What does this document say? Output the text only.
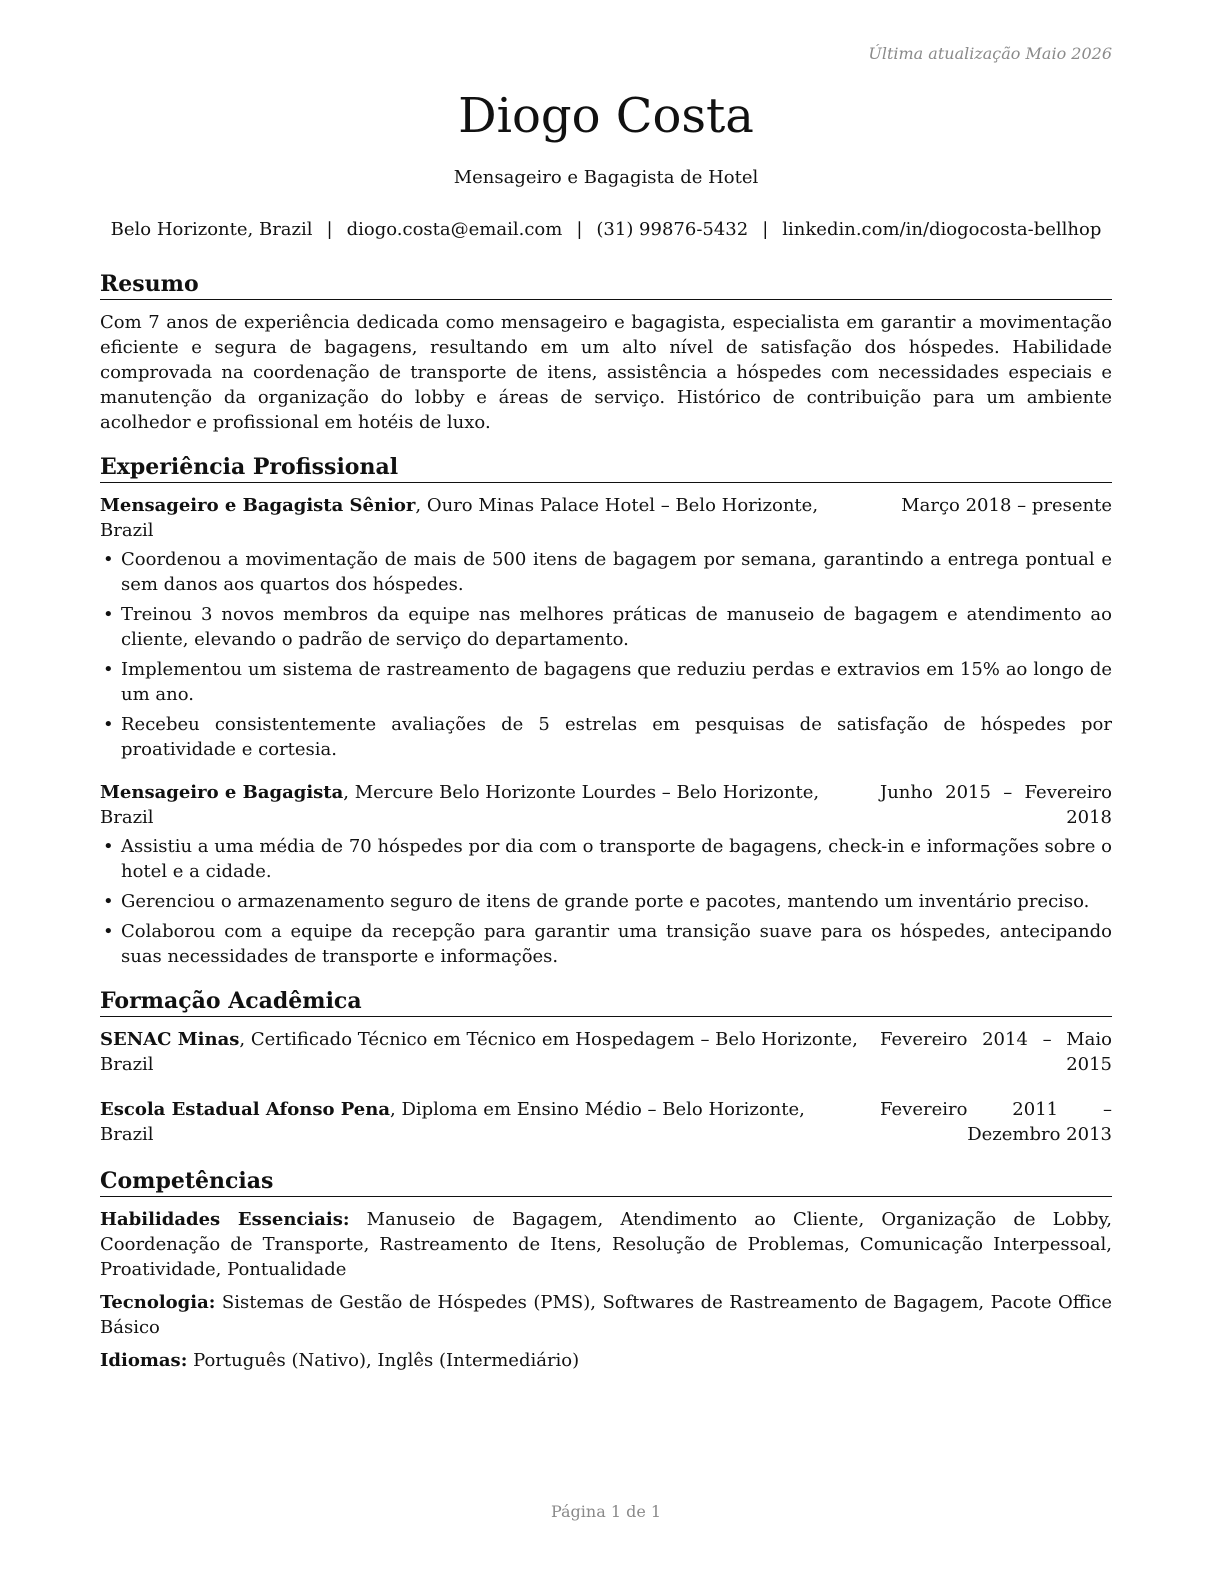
Última atualização Maio 2026
Diogo Costa
Mensageiro e Bagagista de Hotel
Belo Horizonte, Brazil | diogo.costa@email.com | (31) 99876-5432 | linkedin.com/in/diogocosta-bellhop
Resumo
Com 7 anos de experiência dedicada como mensageiro e bagagista, especialista em garantir a movimentação eficiente e segura de bagagens, resultando em um alto nível de satisfação dos hóspedes. Habilidade comprovada na coordenação de transporte de itens, assistência a hóspedes com necessidades especiais e manutenção da organização do lobby e áreas de serviço. Histórico de contribuição para um ambiente acolhedor e profissional em hotéis de luxo.
Experiência Profissional
Mensageiro e Bagagista Sênior, Ouro Minas Palace Hotel – Belo Horizonte, Brazil
Março 2018 – presente
• Coordenou a movimentação de mais de 500 itens de bagagem por semana, garantindo a entrega pontual e sem danos aos quartos dos hóspedes.
• Treinou 3 novos membros da equipe nas melhores práticas de manuseio de bagagem e atendimento ao cliente, elevando o padrão de serviço do departamento.
• Implementou um sistema de rastreamento de bagagens que reduziu perdas e extravios em 15% ao longo de um ano.
• Recebeu consistentemente avaliações de 5 estrelas em pesquisas de satisfação de hóspedes por proatividade e cortesia.
Mensageiro e Bagagista, Mercure Belo Horizonte Lourdes – Belo Horizonte, Brazil
Junho 2015 – Fevereiro 2018
• Assistiu a uma média de 70 hóspedes por dia com o transporte de bagagens, check-in e informações sobre o hotel e a cidade.
• Gerenciou o armazenamento seguro de itens de grande porte e pacotes, mantendo um inventário preciso.
• Colaborou com a equipe da recepção para garantir uma transição suave para os hóspedes, antecipando suas necessidades de transporte e informações.
Formação Acadêmica
SENAC Minas, Certificado Técnico em Técnico em Hospedagem – Belo Horizonte, Brazil
Fevereiro 2014 – Maio 2015
Escola Estadual Afonso Pena, Diploma em Ensino Médio – Belo Horizonte, Brazil
Fevereiro 2011 – Dezembro 2013
Competências
Habilidades Essenciais: Manuseio de Bagagem, Atendimento ao Cliente, Organização de Lobby, Coordenação de Transporte, Rastreamento de Itens, Resolução de Problemas, Comunicação Interpessoal, Proatividade, Pontualidade
Tecnologia: Sistemas de Gestão de Hóspedes (PMS), Softwares de Rastreamento de Bagagem, Pacote Office Básico
Idiomas: Português (Nativo), Inglês (Intermediário)
Página 1 de 1
